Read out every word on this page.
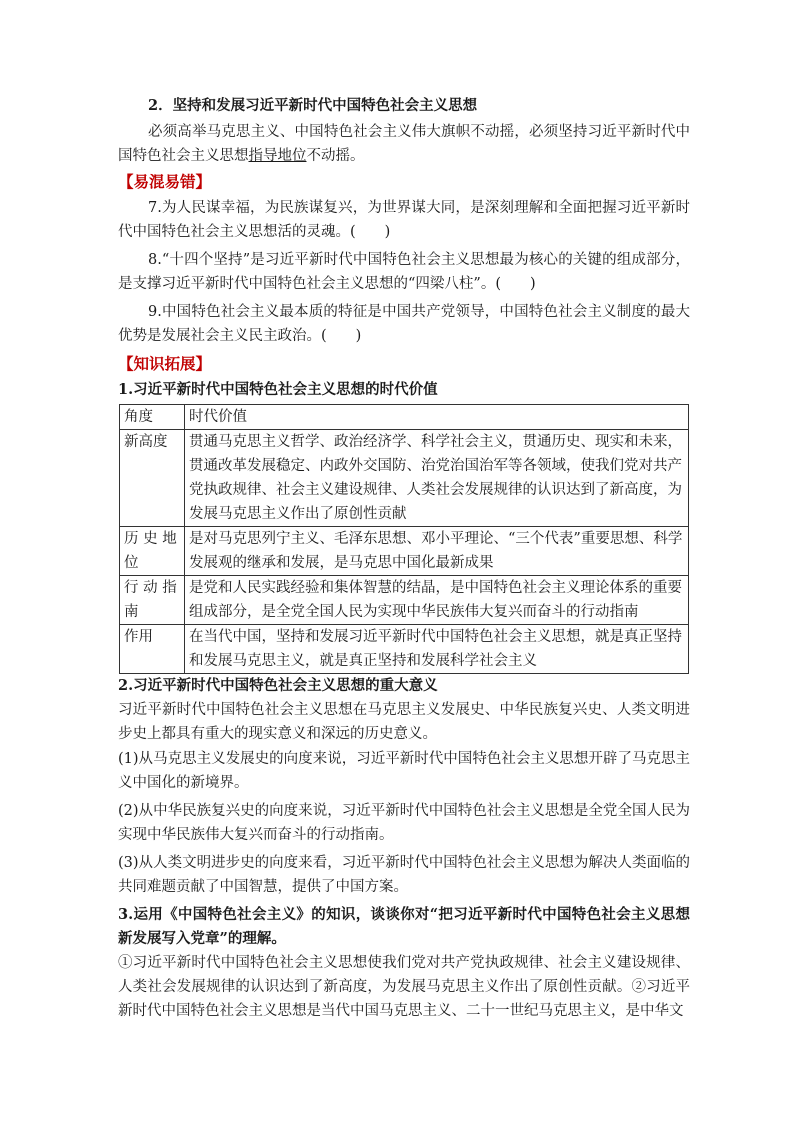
2．坚持和发展习近平新时代中国特色社会主义思想

必须高举马克思主义、中国特色社会主义伟大旗帜不动摇，必须坚持习近平新时代中国特色社会主义思想指导地位不动摇。

【易混易错】

7.为人民谋幸福，为民族谋复兴，为世界谋大同，是深刻理解和全面把握习近平新时代中国特色社会主义思想活的灵魂。(　　)

8.“十四个坚持”是习近平新时代中国特色社会主义思想最为核心的关键的组成部分，是支撑习近平新时代中国特色社会主义思想的“四梁八柱”。(　　)

9.中国特色社会主义最本质的特征是中国共产党领导，中国特色社会主义制度的最大优势是发展社会主义民主政治。(　　)

【知识拓展】

1.习近平新时代中国特色社会主义思想的时代价值

角度	时代价值
新高度	贯通马克思主义哲学、政治经济学、科学社会主义，贯通历史、现实和未来，贯通改革发展稳定、内政外交国防、治党治国治军等各领域，使我们党对共产党执政规律、社会主义建设规律、人类社会发展规律的认识达到了新高度，为发展马克思主义作出了原创性贡献
历 史 地 位	是对马克思列宁主义、毛泽东思想、邓小平理论、“三个代表”重要思想、科学发展观的继承和发展，是马克思中国化最新成果
行 动 指 南	是党和人民实践经验和集体智慧的结晶，是中国特色社会主义理论体系的重要组成部分，是全党全国人民为实现中华民族伟大复兴而奋斗的行动指南
作用	在当代中国，坚持和发展习近平新时代中国特色社会主义思想，就是真正坚持和发展马克思主义，就是真正坚持和发展科学社会主义

2.习近平新时代中国特色社会主义思想的重大意义

习近平新时代中国特色社会主义思想在马克思主义发展史、中华民族复兴史、人类文明进步史上都具有重大的现实意义和深远的历史意义。

(1)从马克思主义发展史的向度来说，习近平新时代中国特色社会主义思想开辟了马克思主义中国化的新境界。

(2)从中华民族复兴史的向度来说，习近平新时代中国特色社会主义思想是全党全国人民为实现中华民族伟大复兴而奋斗的行动指南。

(3)从人类文明进步史的向度来看，习近平新时代中国特色社会主义思想为解决人类面临的共同难题贡献了中国智慧，提供了中国方案。

3.运用《中国特色社会主义》的知识，谈谈你对“把习近平新时代中国特色社会主义思想新发展写入党章”的理解。

①习近平新时代中国特色社会主义思想使我们党对共产党执政规律、社会主义建设规律、人类社会发展规律的认识达到了新高度，为发展马克思主义作出了原创性贡献。②习近平新时代中国特色社会主义思想是当代中国马克思主义、二十一世纪马克思主义，是中华文
